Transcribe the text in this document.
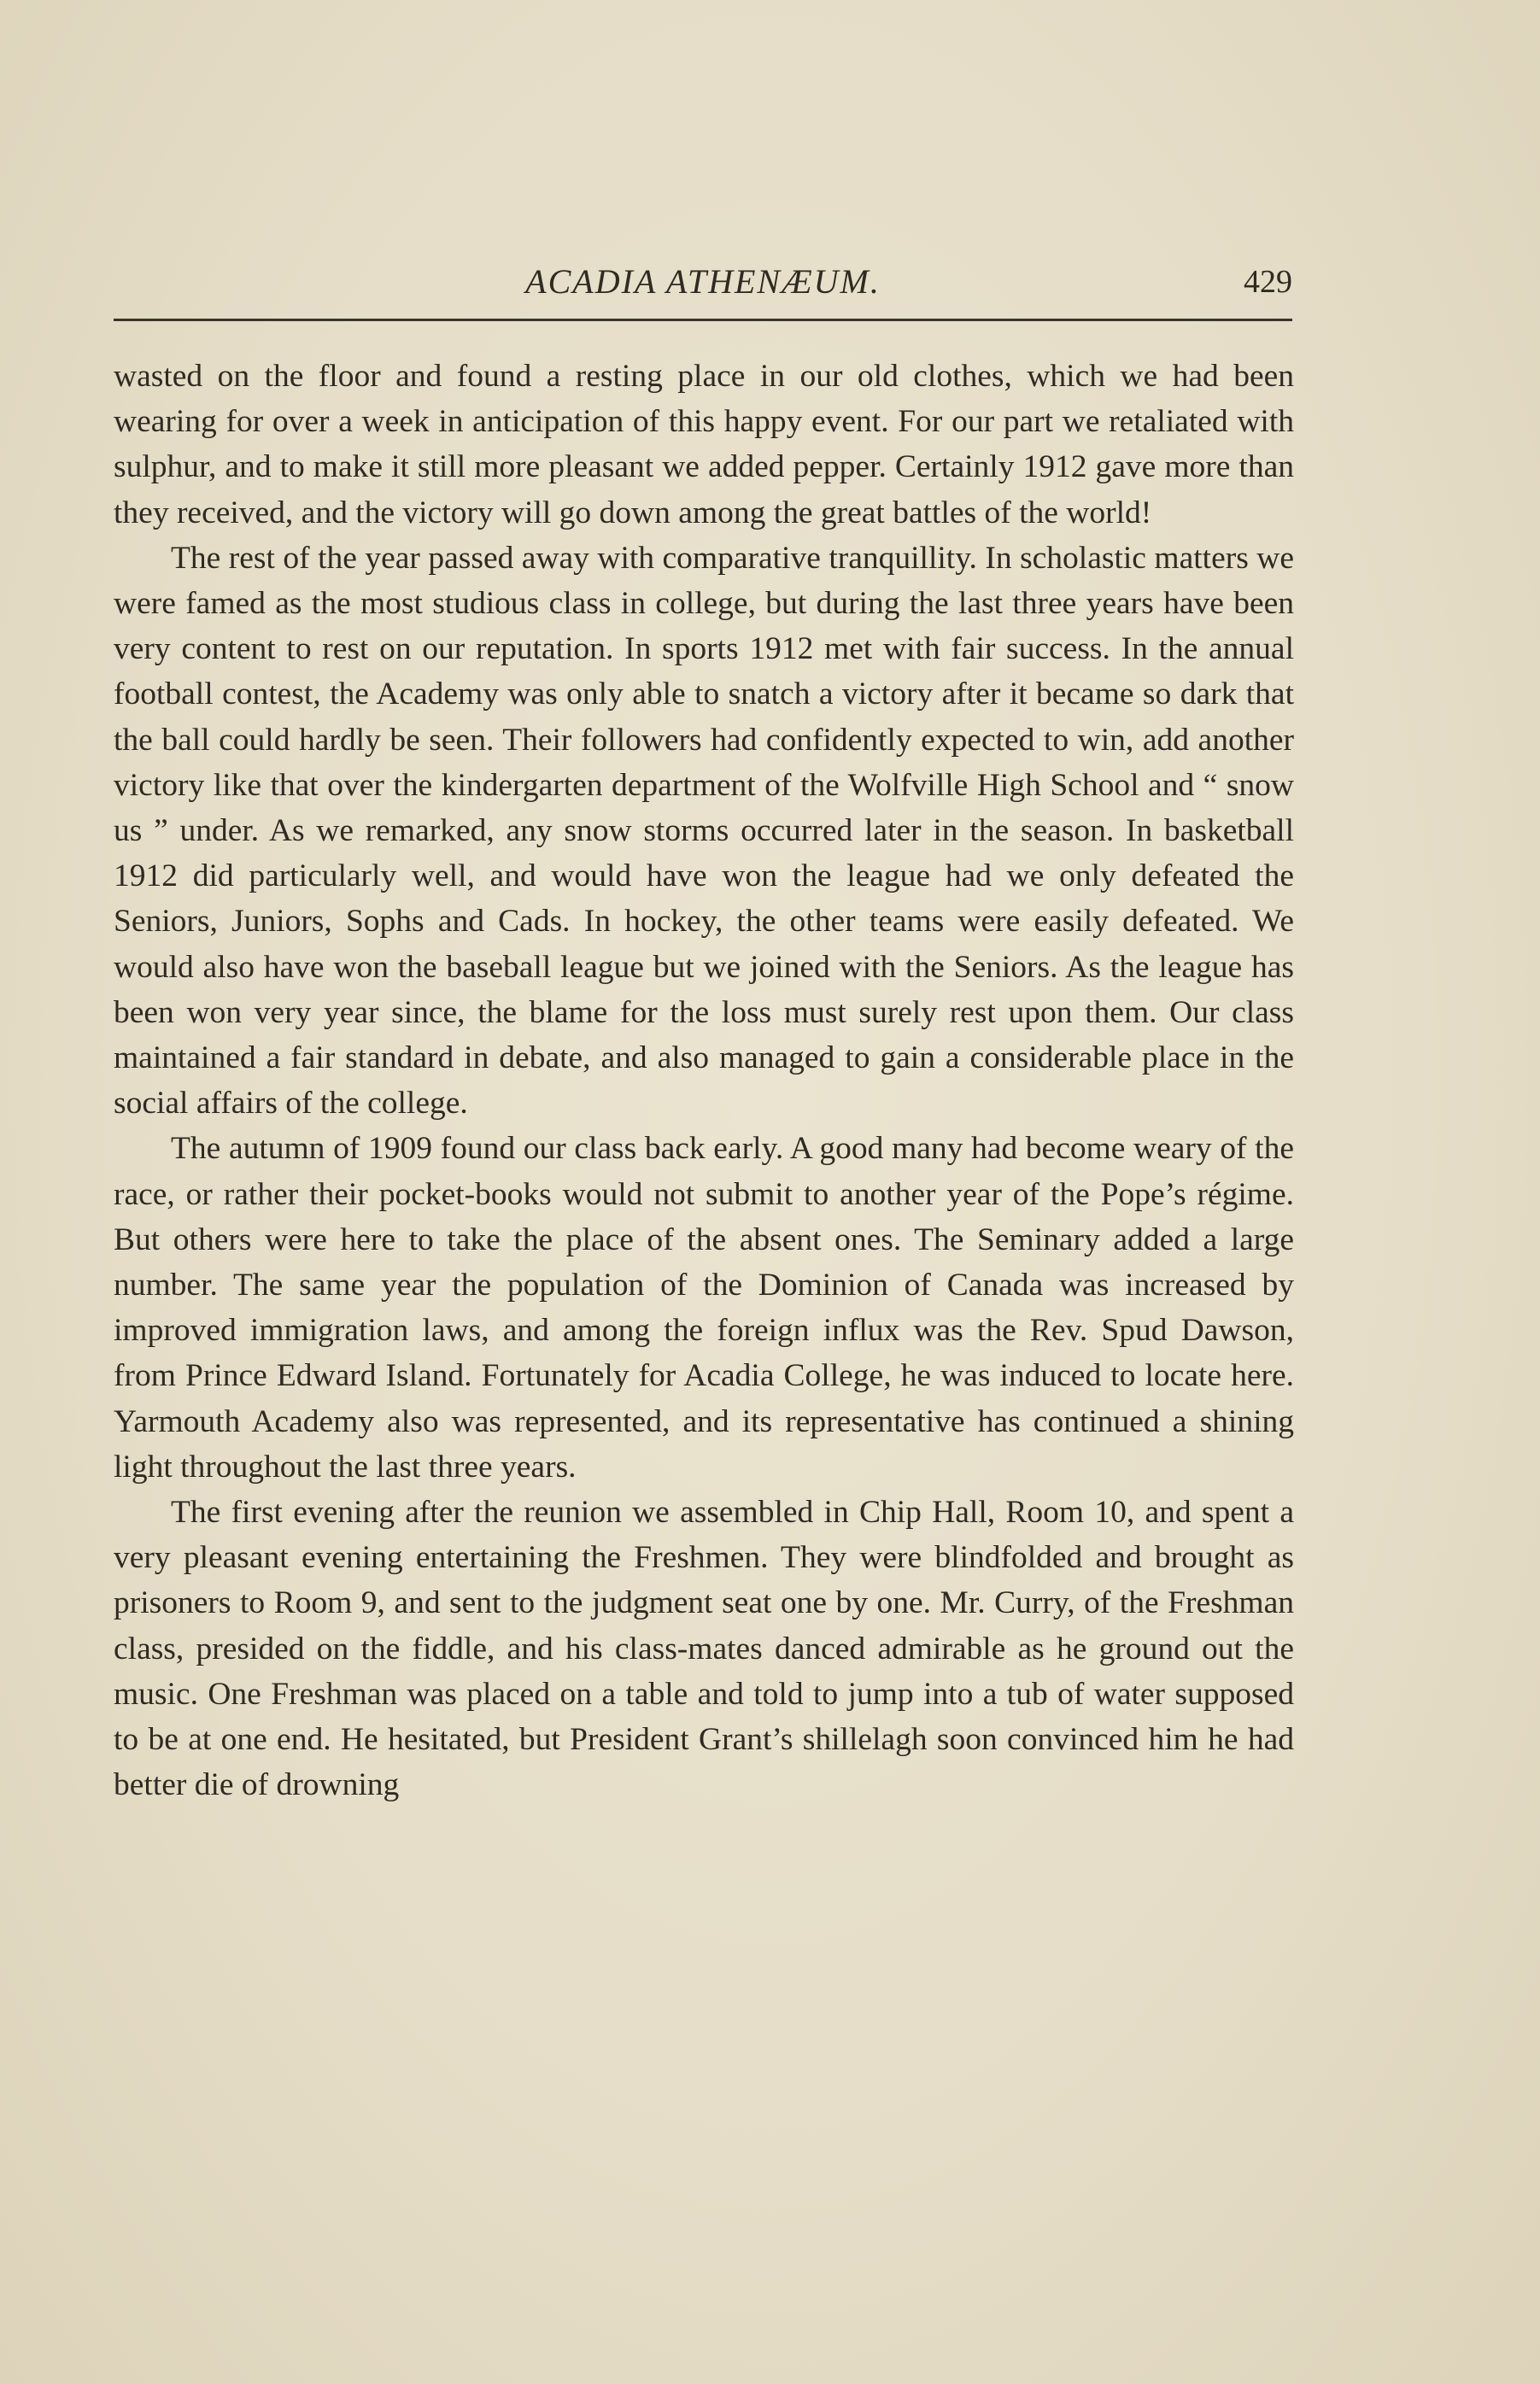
ACADIA ATHENÆUM.	429

wasted on the floor and found a resting place in our old clothes, which we had been wearing for over a week in anticipation of this happy event. For our part we retaliated with sulphur, and to make it still more pleasant we added pepper. Certainly 1912 gave more than they received, and the victory will go down among the great battles of the world!

The rest of the year passed away with comparative tranquillity. In scholastic matters we were famed as the most studious class in college, but during the last three years have been very content to rest on our reputation. In sports 1912 met with fair success. In the annual football contest, the Academy was only able to snatch a victory after it became so dark that the ball could hardly be seen. Their followers had confidently expected to win, add another victory like that over the kindergarten department of the Wolfville High School and “ snow us ” under. As we remarked, any snow storms occurred later in the season. In basketball 1912 did particularly well, and would have won the league had we only defeated the Seniors, Juniors, Sophs and Cads. In hockey, the other teams were easily defeated. We would also have won the baseball league but we joined with the Seniors. As the league has been won very year since, the blame for the loss must surely rest upon them. Our class maintained a fair standard in debate, and also managed to gain a considerable place in the social affairs of the college.

The autumn of 1909 found our class back early. A good many had become weary of the race, or rather their pocket-books would not submit to another year of the Pope’s régime. But others were here to take the place of the absent ones. The Seminary added a large number. The same year the population of the Dominion of Canada was increased by improved immigration laws, and among the foreign influx was the Rev. Spud Dawson, from Prince Edward Island. Fortunately for Acadia College, he was induced to locate here. Yarmouth Academy also was represented, and its representative has continued a shining light throughout the last three years.

The first evening after the reunion we assembled in Chip Hall, Room 10, and spent a very pleasant evening entertaining the Freshmen. They were blindfolded and brought as prisoners to Room 9, and sent to the judgment seat one by one. Mr. Curry, of the Freshman class, presided on the fiddle, and his class-mates danced admirable as he ground out the music. One Freshman was placed on a table and told to jump into a tub of water supposed to be at one end. He hesitated, but President Grant’s shillelagh soon convinced him he had better die of drowning
